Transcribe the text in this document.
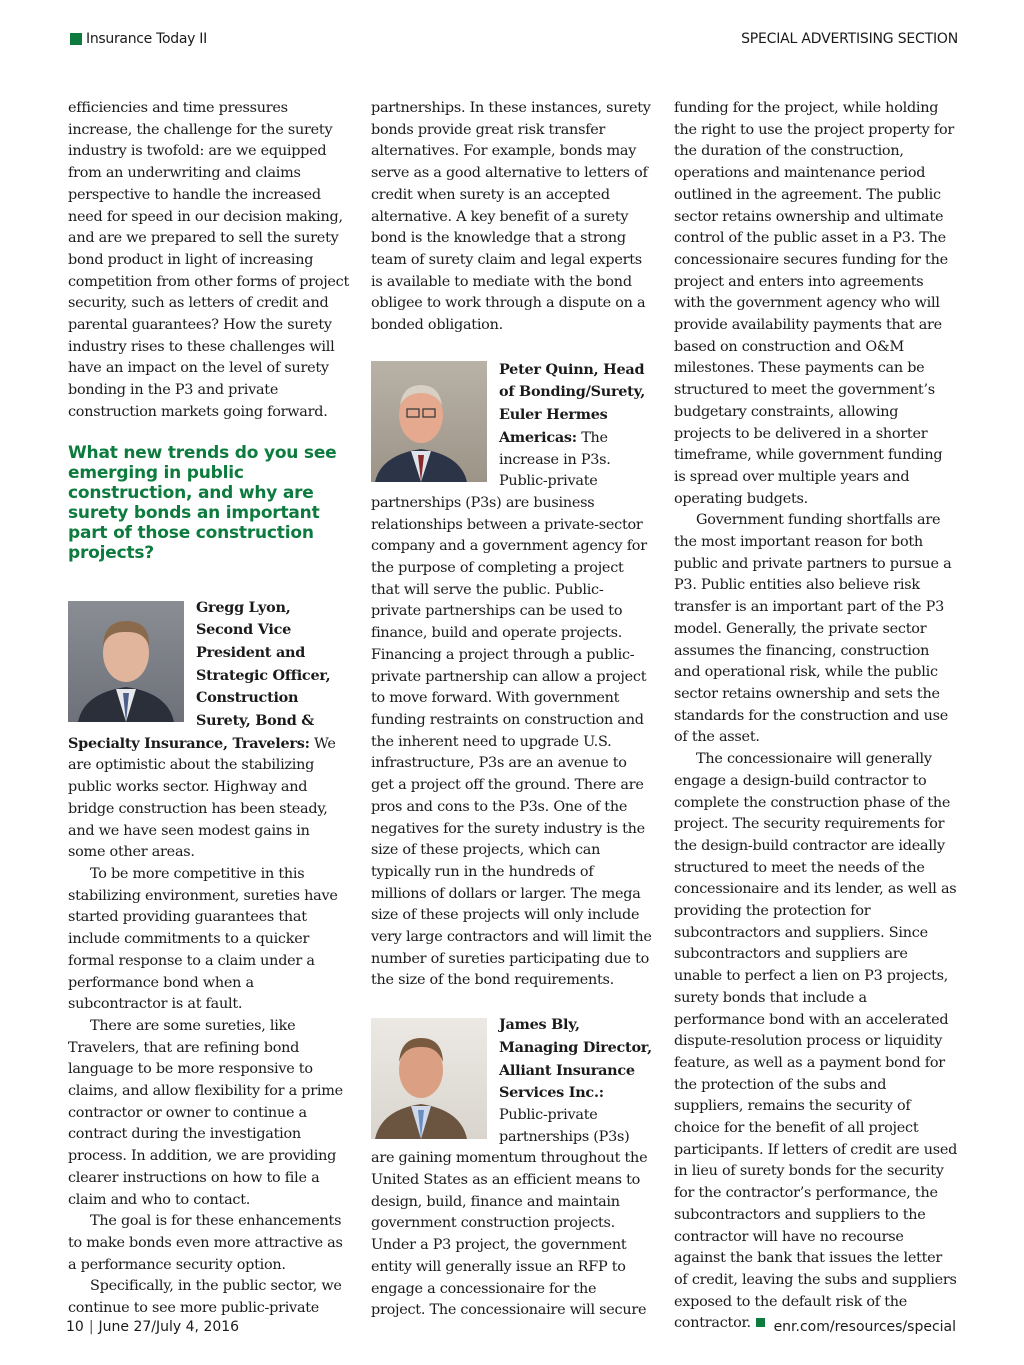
Insurance Today II	SPECIAL ADVERTISING SECTION

efficiencies and time pressures increase, the challenge for the surety industry is twofold: are we equipped from an underwriting and claims perspective to handle the increased need for speed in our decision making, and are we prepared to sell the surety bond product in light of increasing competition from other forms of project security, such as letters of credit and parental guarantees? How the surety industry rises to these challenges will have an impact on the level of surety bonding in the P3 and private construction markets going forward.

What new trends do you see emerging in public construction, and why are surety bonds an important part of those construction projects?

Gregg Lyon, Second Vice President and Strategic Officer, Construction Surety, Bond & Specialty Insurance, Travelers: We are optimistic about the stabilizing public works sector. Highway and bridge construction has been steady, and we have seen modest gains in some other areas.

To be more competitive in this stabilizing environment, sureties have started providing guarantees that include commitments to a quicker formal response to a claim under a performance bond when a subcontractor is at fault.

There are some sureties, like Travelers, that are refining bond language to be more responsive to claims, and allow flexibility for a prime contractor or owner to continue a contract during the investigation process. In addition, we are providing clearer instructions on how to file a claim and who to contact.

The goal is for these enhancements to make bonds even more attractive as a performance security option.

Specifically, in the public sector, we continue to see more public-private

partnerships. In these instances, surety bonds provide great risk transfer alternatives. For example, bonds may serve as a good alternative to letters of credit when surety is an accepted alternative. A key benefit of a surety bond is the knowledge that a strong team of surety claim and legal experts is available to mediate with the bond obligee to work through a dispute on a bonded obligation.

Peter Quinn, Head of Bonding/Surety, Euler Hermes Americas: The increase in P3s. Public-private partnerships (P3s) are business relationships between a private-sector company and a government agency for the purpose of completing a project that will serve the public. Public-private partnerships can be used to finance, build and operate projects. Financing a project through a public-private partnership can allow a project to move forward. With government funding restraints on construction and the inherent need to upgrade U.S. infrastructure, P3s are an avenue to get a project off the ground. There are pros and cons to the P3s. One of the negatives for the surety industry is the size of these projects, which can typically run in the hundreds of millions of dollars or larger. The mega size of these projects will only include very large contractors and will limit the number of sureties participating due to the size of the bond requirements.

James Bly, Managing Director, Alliant Insurance Services Inc.: Public-private partnerships (P3s) are gaining momentum throughout the United States as an efficient means to design, build, finance and maintain government construction projects. Under a P3 project, the government entity will generally issue an RFP to engage a concessionaire for the project. The concessionaire will secure

funding for the project, while holding the right to use the project property for the duration of the construction, operations and maintenance period outlined in the agreement. The public sector retains ownership and ultimate control of the public asset in a P3. The concessionaire secures funding for the project and enters into agreements with the government agency who will provide availability payments that are based on construction and O&M milestones. These payments can be structured to meet the government’s budgetary constraints, allowing projects to be delivered in a shorter timeframe, while government funding is spread over multiple years and operating budgets.

Government funding shortfalls are the most important reason for both public and private partners to pursue a P3. Public entities also believe risk transfer is an important part of the P3 model. Generally, the private sector assumes the financing, construction and operational risk, while the public sector retains ownership and sets the standards for the construction and use of the asset.

The concessionaire will generally engage a design-build contractor to complete the construction phase of the project. The security requirements for the design-build contractor are ideally structured to meet the needs of the concessionaire and its lender, as well as providing the protection for subcontractors and suppliers. Since subcontractors and suppliers are unable to perfect a lien on P3 projects, surety bonds that include a performance bond with an accelerated dispute-resolution process or liquidity feature, as well as a payment bond for the protection of the subs and suppliers, remains the security of choice for the benefit of all project participants. If letters of credit are used in lieu of surety bonds for the security for the contractor’s performance, the subcontractors and suppliers to the contractor will have no recourse against the bank that issues the letter of credit, leaving the subs and suppliers exposed to the default risk of the contractor.

10 | June 27/July 4, 2016	enr.com/resources/special
